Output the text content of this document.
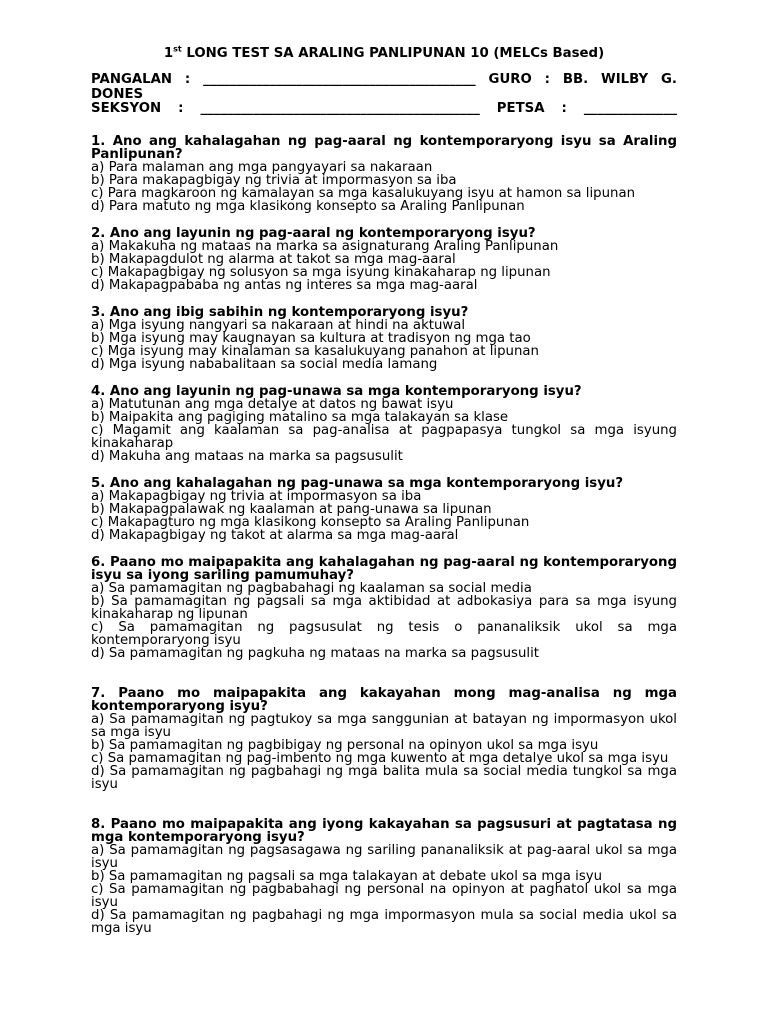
1st LONG TEST SA ARALING PANLIPUNAN 10 (MELCs Based)
PANGALAN : _________________________________________ GURO : BB. WILBY G.
DONES
SEKSYON : __________________________________________ PETSA : ______________
1. Ano ang kahalagahan ng pag-aaral ng kontemporaryong isyu sa Araling Panlipunan?
a) Para malaman ang mga pangyayari sa nakaraan
b) Para makapagbigay ng trivia at impormasyon sa iba
c) Para magkaroon ng kamalayan sa mga kasalukuyang isyu at hamon sa lipunan
d) Para matuto ng mga klasikong konsepto sa Araling Panlipunan
2. Ano ang layunin ng pag-aaral ng kontemporaryong isyu?
a) Makakuha ng mataas na marka sa asignaturang Araling Panlipunan
b) Makapagdulot ng alarma at takot sa mga mag-aaral
c) Makapagbigay ng solusyon sa mga isyung kinakaharap ng lipunan
d) Makapagpababa ng antas ng interes sa mga mag-aaral
3. Ano ang ibig sabihin ng kontemporaryong isyu?
a) Mga isyung nangyari sa nakaraan at hindi na aktuwal
b) Mga isyung may kaugnayan sa kultura at tradisyon ng mga tao
c) Mga isyung may kinalaman sa kasalukuyang panahon at lipunan
d) Mga isyung nababalitaan sa social media lamang
4. Ano ang layunin ng pag-unawa sa mga kontemporaryong isyu?
a) Matutunan ang mga detalye at datos ng bawat isyu
b) Maipakita ang pagiging matalino sa mga talakayan sa klase
c) Magamit ang kaalaman sa pag-analisa at pagpapasya tungkol sa mga isyung kinakaharap
d) Makuha ang mataas na marka sa pagsusulit
5. Ano ang kahalagahan ng pag-unawa sa mga kontemporaryong isyu?
a) Makapagbigay ng trivia at impormasyon sa iba
b) Makapagpalawak ng kaalaman at pang-unawa sa lipunan
c) Makapagturo ng mga klasikong konsepto sa Araling Panlipunan
d) Makapagbigay ng takot at alarma sa mga mag-aaral
6. Paano mo maipapakita ang kahalagahan ng pag-aaral ng kontemporaryong isyu sa iyong sariling pamumuhay?
a) Sa pamamagitan ng pagbabahagi ng kaalaman sa social media
b) Sa pamamagitan ng pagsali sa mga aktibidad at adbokasiya para sa mga isyung kinakaharap ng lipunan
c) Sa pamamagitan ng pagsusulat ng tesis o pananaliksik ukol sa mga kontemporaryong isyu
d) Sa pamamagitan ng pagkuha ng mataas na marka sa pagsusulit
7. Paano mo maipapakita ang kakayahan mong mag-analisa ng mga kontemporaryong isyu?
a) Sa pamamagitan ng pagtukoy sa mga sanggunian at batayan ng impormasyon ukol sa mga isyu
b) Sa pamamagitan ng pagbibigay ng personal na opinyon ukol sa mga isyu
c) Sa pamamagitan ng pag-imbento ng mga kuwento at mga detalye ukol sa mga isyu
d) Sa pamamagitan ng pagbahagi ng mga balita mula sa social media tungkol sa mga isyu
8. Paano mo maipapakita ang iyong kakayahan sa pagsusuri at pagtatasa ng mga kontemporaryong isyu?
a) Sa pamamagitan ng pagsasagawa ng sariling pananaliksik at pag-aaral ukol sa mga isyu
b) Sa pamamagitan ng pagsali sa mga talakayan at debate ukol sa mga isyu
c) Sa pamamagitan ng pagbabahagi ng personal na opinyon at paghatol ukol sa mga isyu
d) Sa pamamagitan ng pagbahagi ng mga impormasyon mula sa social media ukol sa mga isyu
